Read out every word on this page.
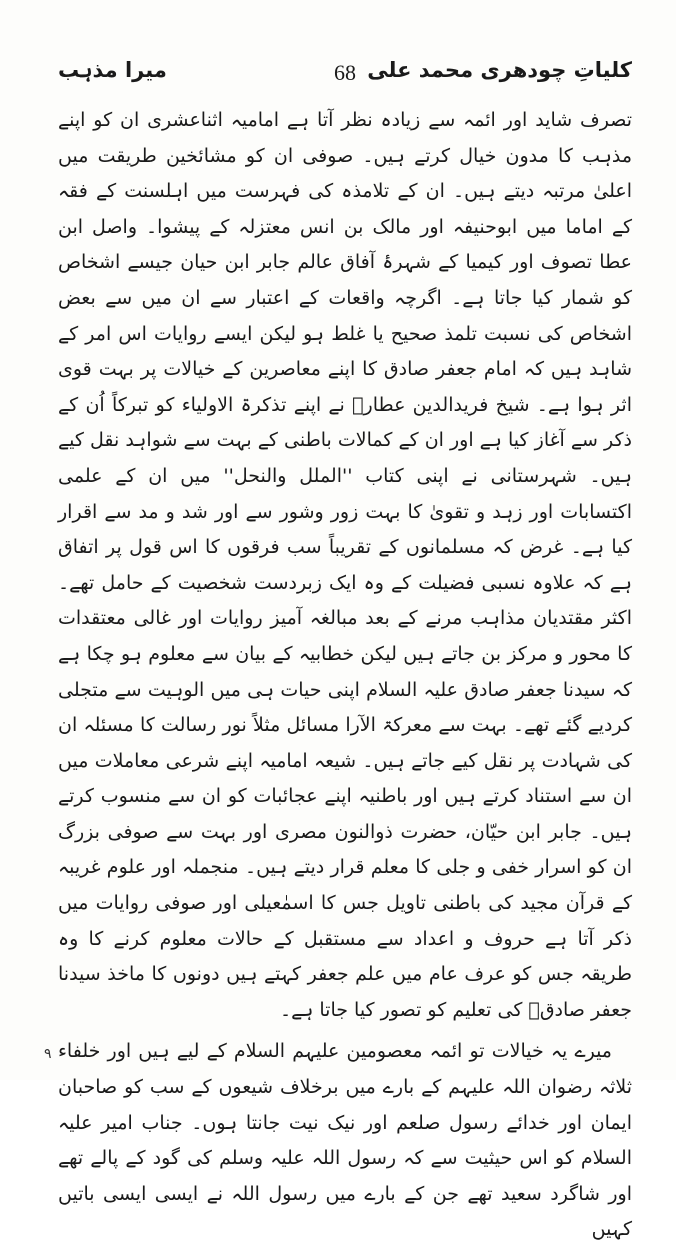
کلیاتِ چودھری محمد علی
68
میرا مذہب

تصرف شاید اور ائمہ سے زیادہ نظر آتا ہے امامیہ اثناعشری ان کو اپنے مذہب کا مدون خیال کرتے ہیں۔ صوفی ان کو مشائخین طریقت میں اعلیٰ مرتبہ دیتے ہیں۔ ان کے تلامذہ کی فہرست میں اہلسنت کے فقہ کے اماما میں ابوحنیفہ اور مالک بن انس معتزلہ کے پیشوا۔ واصل ابن عطا تصوف اور کیمیا کے شہرۂ آفاق عالم جابر ابن حیان جیسے اشخاص کو شمار کیا جاتا ہے۔ اگرچہ واقعات کے اعتبار سے ان میں سے بعض اشخاص کی نسبت تلمذ صحیح یا غلط ہو لیکن ایسے روایات اس امر کے شاہد ہیں کہ امام جعفر صادق کا اپنے معاصرین کے خیالات پر بہت قوی اثر ہوا ہے۔ شیخ فریدالدین عطارؒ نے اپنے تذکرۃ الاولیاء کو تبرکاً اُن کے ذکر سے آغاز کیا ہے اور ان کے کمالات باطنی کے بہت سے شواہد نقل کیے ہیں۔ شہرستانی نے اپنی کتاب ''الملل والنحل'' میں ان کے علمی اکتسابات اور زہد و تقویٰ کا بہت زور وشور سے اور شد و مد سے اقرار کیا ہے۔ غرض کہ مسلمانوں کے تقریباً سب فرقوں کا اس قول پر اتفاق ہے کہ علاوہ نسبی فضیلت کے وہ ایک زبردست شخصیت کے حامل تھے۔ اکثر مقتدیان مذاہب مرنے کے بعد مبالغہ آمیز روایات اور غالی معتقدات کا محور و مرکز بن جاتے ہیں لیکن خطابیہ کے بیان سے معلوم ہو چکا ہے کہ سیدنا جعفر صادق علیہ السلام اپنی حیات ہی میں الوہیت سے متجلی کردیے گئے تھے۔ بہت سے معرکۃ الآرا مسائل مثلاً نور رسالت کا مسئلہ ان کی شہادت پر نقل کیے جاتے ہیں۔ شیعہ امامیہ اپنے شرعی معاملات میں ان سے استناد کرتے ہیں اور باطنیہ اپنے عجائبات کو ان سے منسوب کرتے ہیں۔ جابر ابن حیّان، حضرت ذوالنون مصری اور بہت سے صوفی بزرگ ان کو اسرار خفی و جلی کا معلم قرار دیتے ہیں۔ منجملہ اور علوم غریبہ کے قرآن مجید کی باطنی تاویل جس کا اسمٰعیلی اور صوفی روایات میں ذکر آتا ہے حروف و اعداد سے مستقبل کے حالات معلوم کرنے کا وہ طریقہ جس کو عرف عام میں علم جعفر کہتے ہیں دونوں کا ماخذ سیدنا جعفر صادقؑ کی تعلیم کو تصور کیا جاتا ہے۔

میرے یہ خیالات تو ائمہ معصومین علیہم السلام کے لیے ہیں اور خلفاء ثلاثہ رضوان اللہ علیہم کے بارے میں برخلاف شیعوں کے سب کو صاحبان ایمان اور خدائے رسول صلعم اور نیک نیت جانتا ہوں۔ جناب امیر علیہ السلام کو اس حیثیت سے کہ رسول اللہ علیہ وسلم کی گود کے پالے تھے اور شاگرد سعید تھے جن کے بارے میں رسول اللہ نے ایسی ایسی باتیں کہیں

۹
